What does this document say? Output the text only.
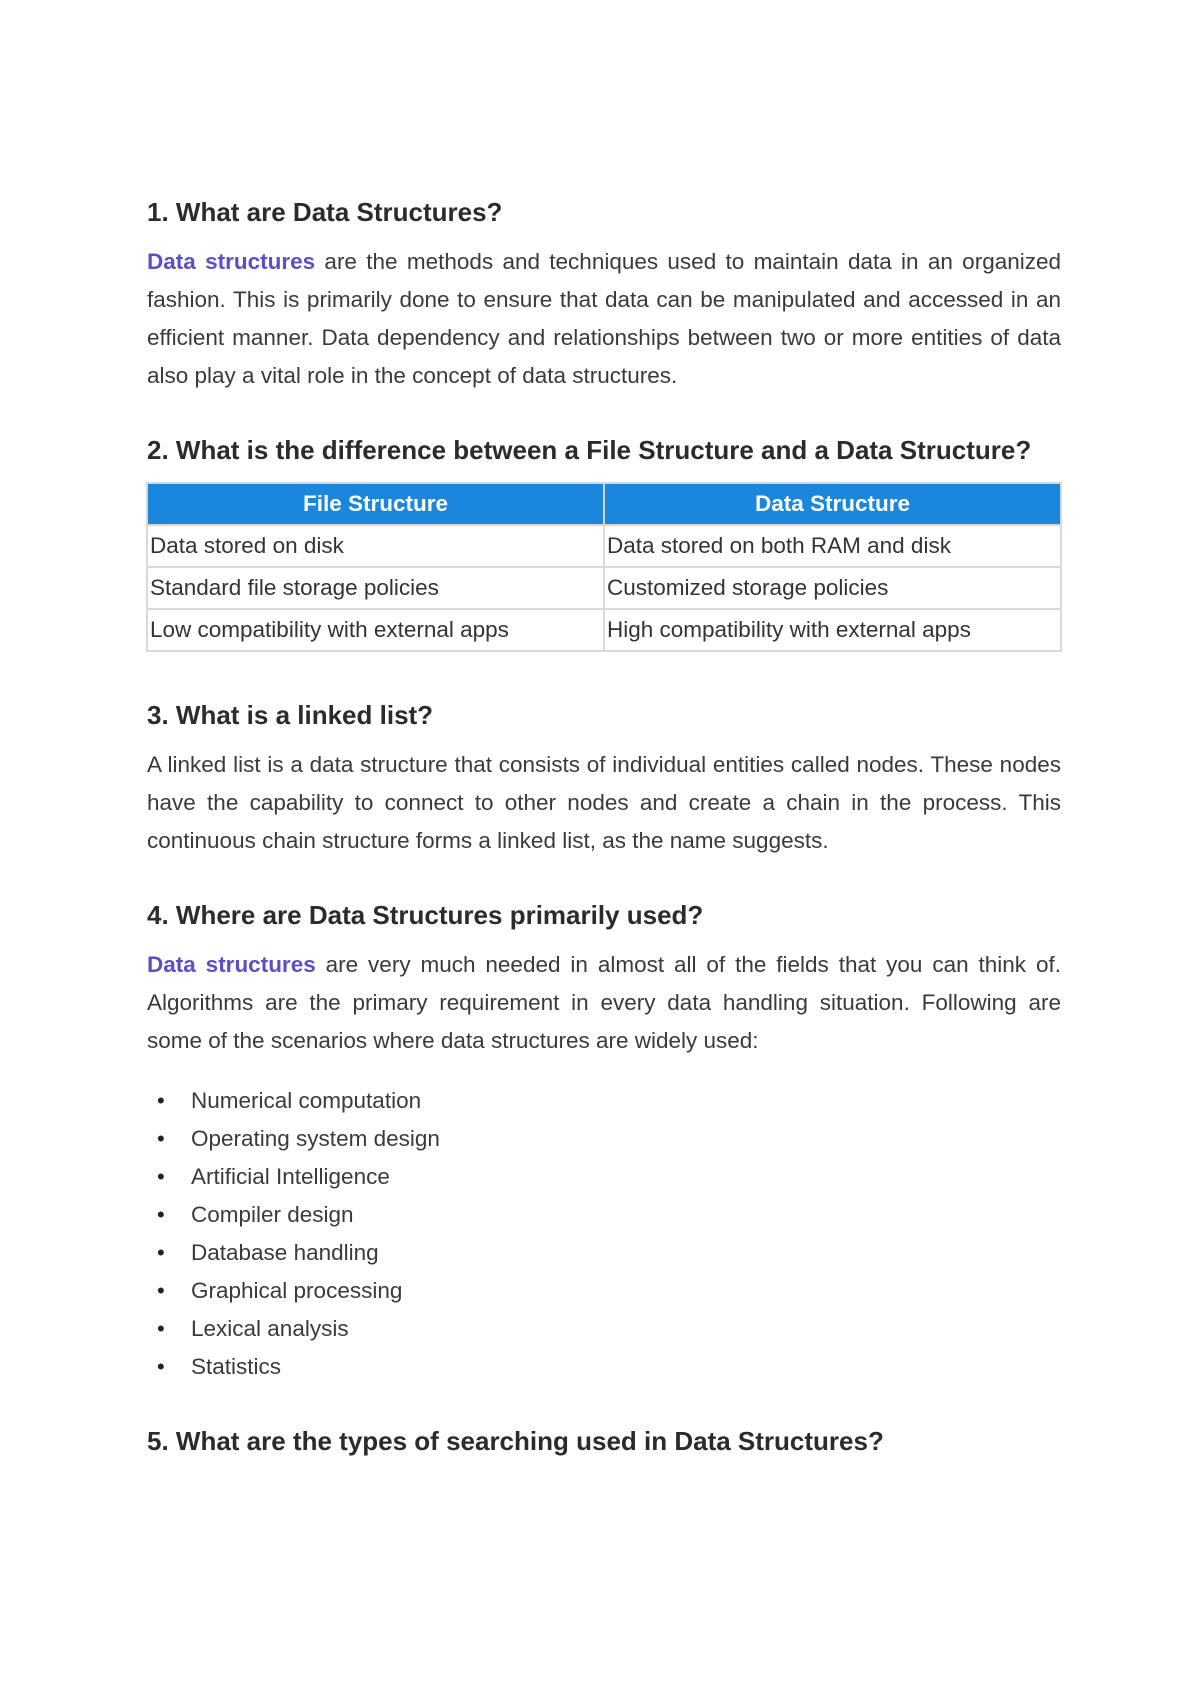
1. What are Data Structures?

Data structures are the methods and techniques used to maintain data in an organized fashion. This is primarily done to ensure that data can be manipulated and accessed in an efficient manner. Data dependency and relationships between two or more entities of data also play a vital role in the concept of data structures.

2. What is the difference between a File Structure and a Data Structure?
File Structure	Data Structure
Data stored on disk	Data stored on both RAM and disk
Standard file storage policies	Customized storage policies
Low compatibility with external apps	High compatibility with external apps
3. What is a linked list?

A linked list is a data structure that consists of individual entities called nodes. These nodes have the capability to connect to other nodes and create a chain in the process. This continuous chain structure forms a linked list, as the name suggests.

4. Where are Data Structures primarily used?

Data structures are very much needed in almost all of the fields that you can think of. Algorithms are the primary requirement in every data handling situation. Following are some of the scenarios where data structures are widely used:

• Numerical computation
• Operating system design
• Artificial Intelligence
• Compiler design
• Database handling
• Graphical processing
• Lexical analysis
• Statistics
5. What are the types of searching used in Data Structures?
